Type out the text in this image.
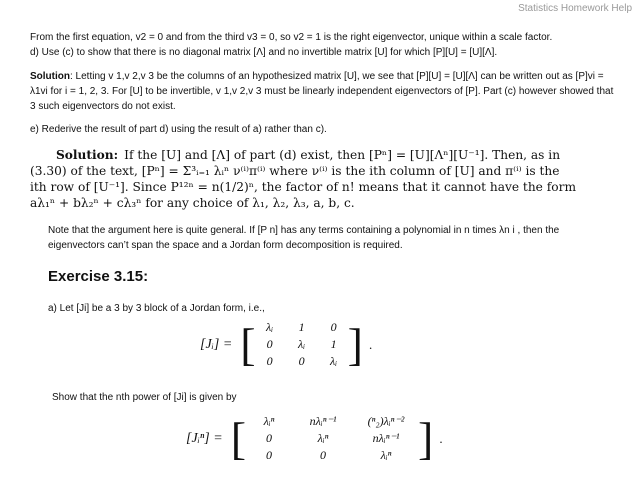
Statistics Homework Help
From the first equation, v2 = 0 and from the third v3 = 0, so v2 = 1 is the right eigenvector, unique within a scale factor.
d) Use (c) to show that there is no diagonal matrix [Λ] and no invertible matrix [U] for which [P][U] = [U][Λ].
Solution: Letting v 1,v 2,v 3 be the columns of an hypothesized matrix [U], we see that [P][U] = [U][Λ] can be written out as [P]vi = λ1vi for i = 1, 2, 3. For [U] to be invertible, v 1,v 2,v 3 must be linearly independent eigenvectors of [P]. Part (c) however showed that 3 such eigenvectors do not exist.
e) Rederive the result of part d) using the result of a) rather than c).
Solution: If the [U] and [Λ] of part (d) exist, then [Pⁿ] = [U][Λⁿ][U⁻¹]. Then, as in
(3.30) of the text, [Pⁿ] = Σ³ᵢ₌₁ λᵢⁿ ν⁽ⁱ⁾π⁽ⁱ⁾ where ν⁽ⁱ⁾ is the ith column of [U] and π⁽ⁱ⁾ is the
ith row of [U⁻¹]. Since P¹²ⁿ = n(1/2)ⁿ, the factor of n! means that it cannot have the form
aλ₁ⁿ + bλ₂ⁿ + cλ₃ⁿ for any choice of λ₁, λ₂, λ₃, a, b, c.
Note that the argument here is quite general. If [P n] has any terms containing a polynomial in n times λn i , then the eigenvectors can’t span the space and a Jordan form decomposition is required.
Exercise 3.15:
a) Let [Ji] be a 3 by 3 block of a Jordan form, i.e.,
[Jᵢ] = [ λᵢ	1	0
0	λᵢ	1
0	0	λᵢ ] .
Show that the nth power of [Ji] is given by
[Jᵢⁿ] = [	λᵢⁿ	nλᵢⁿ⁻¹	(ⁿ₂)λᵢⁿ⁻²
0	λᵢⁿ	nλᵢⁿ⁻¹
0	0	λᵢⁿ ] .
